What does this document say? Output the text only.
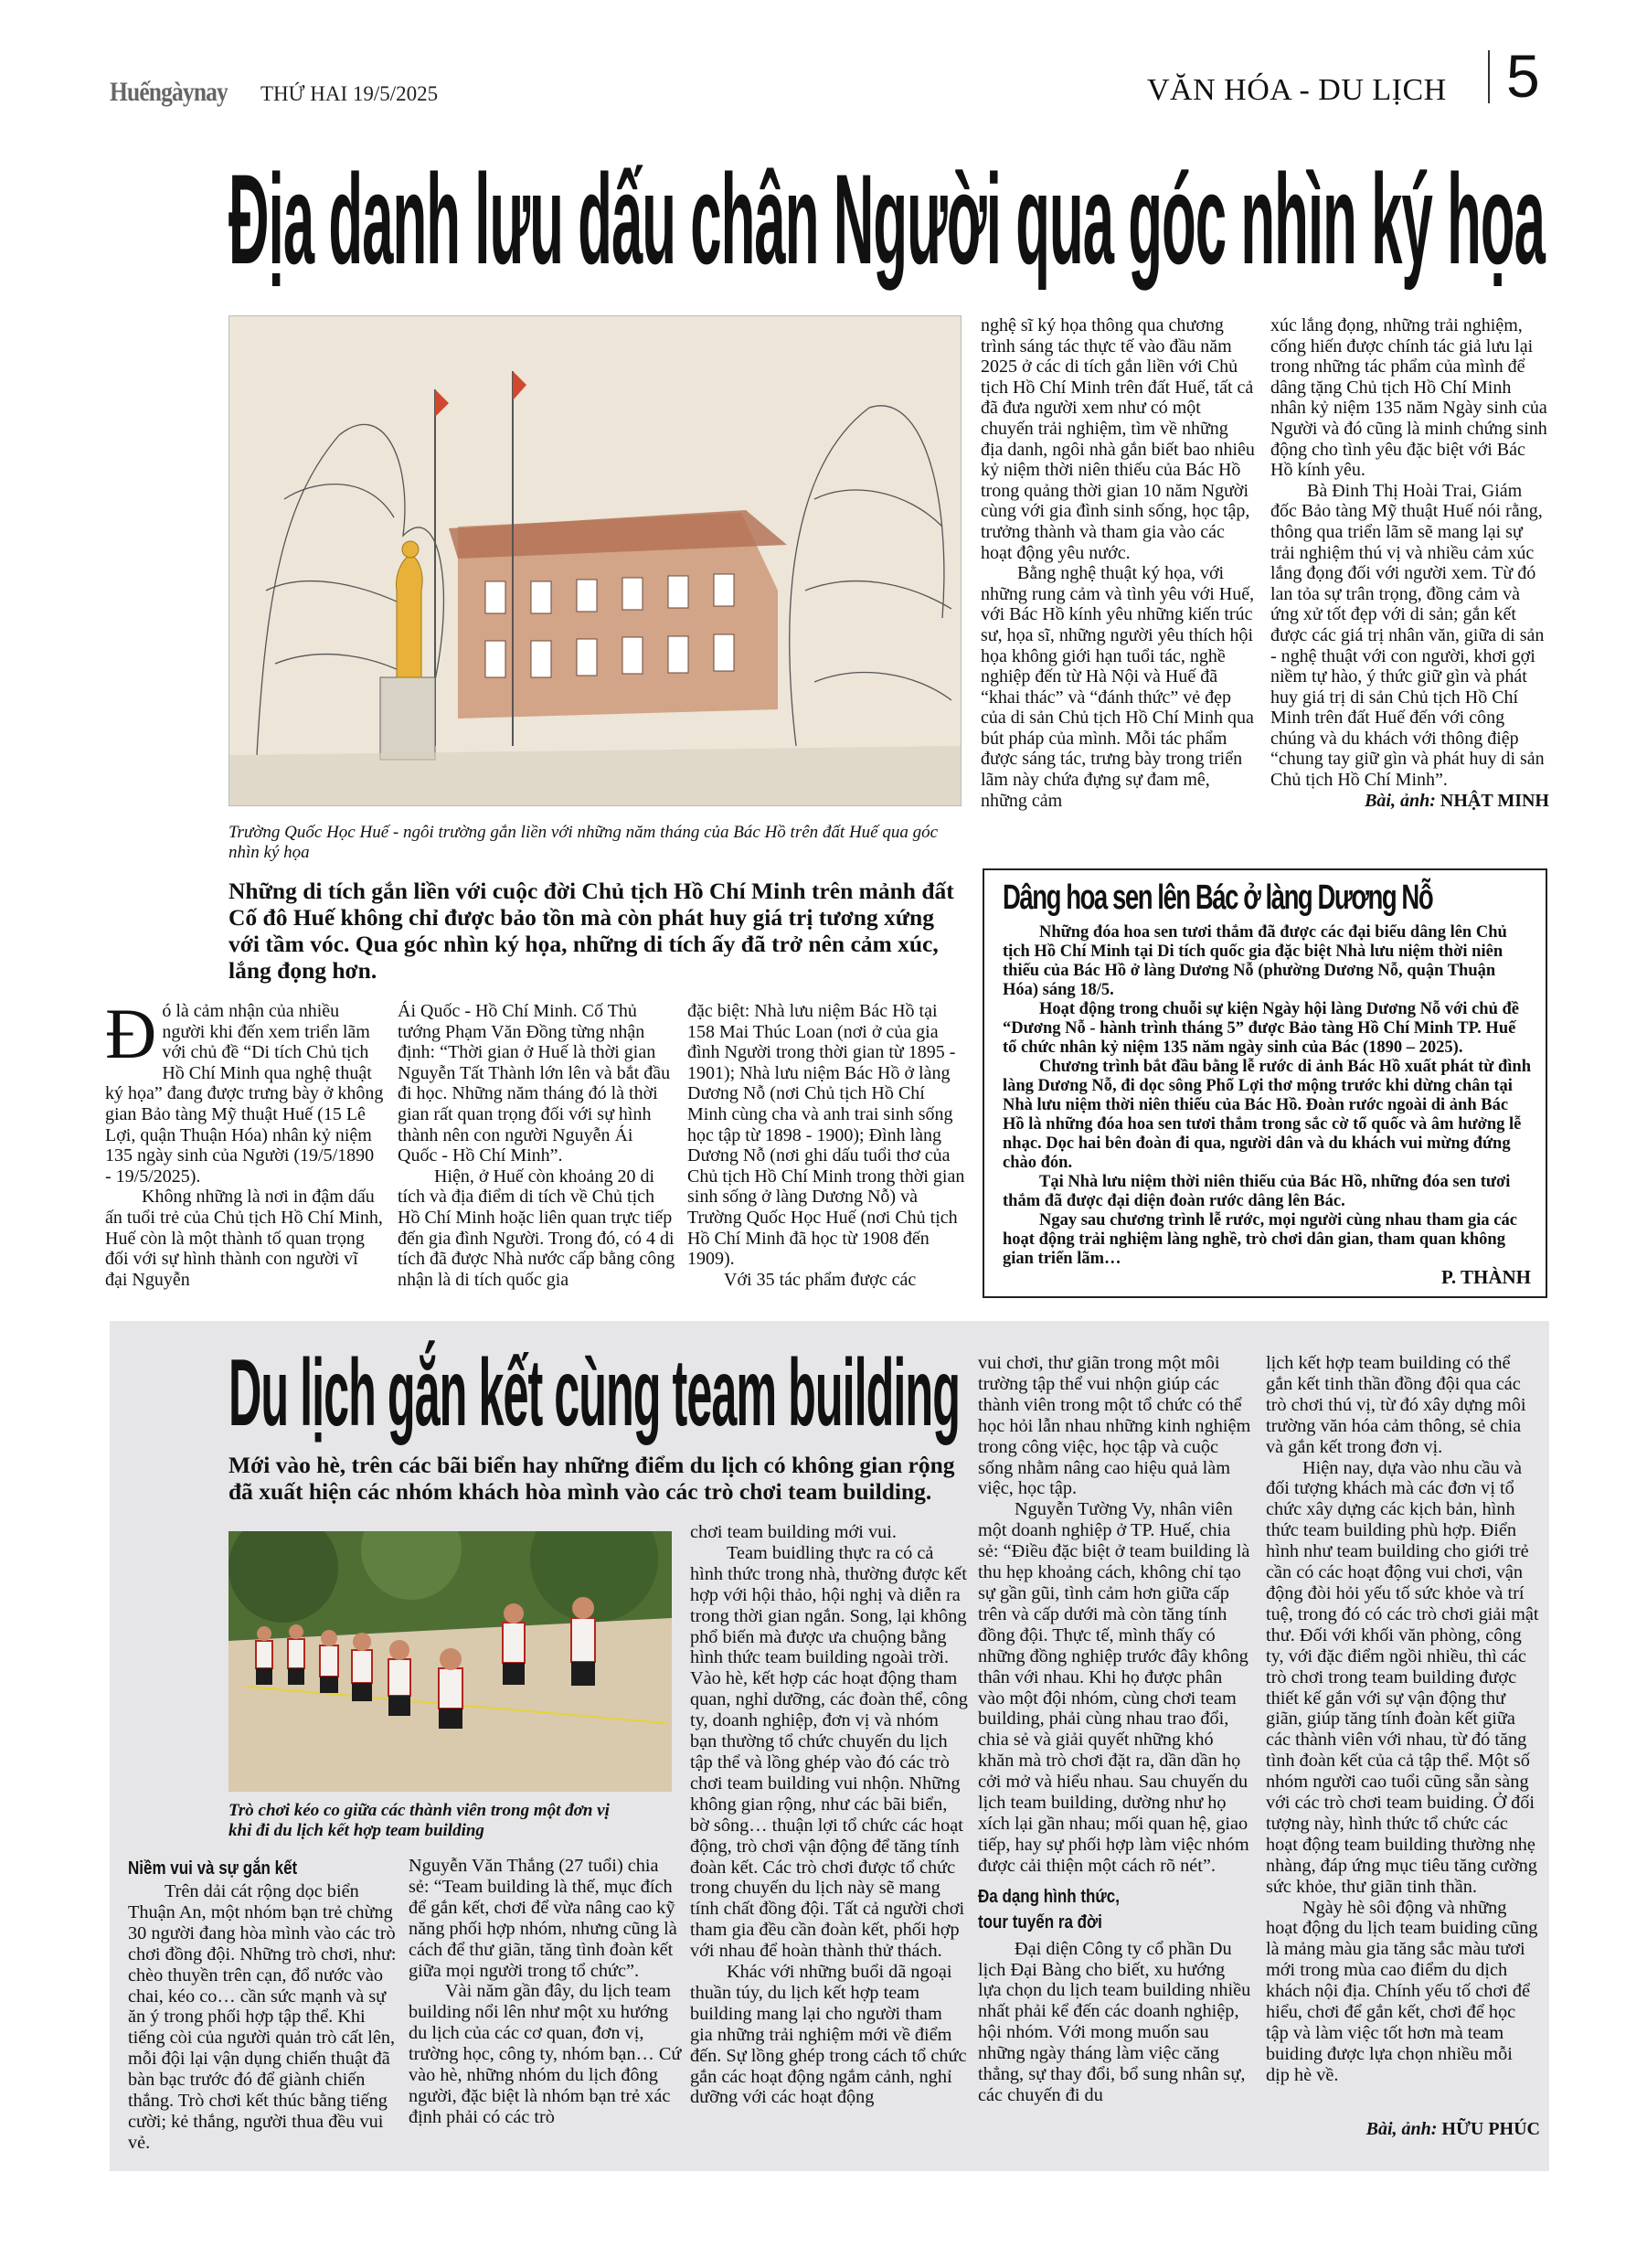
Huếngàynay THỨ HAI 19/5/2025	VĂN HÓA - DU LỊCH 5
Địa danh lưu dấu chân Người qua góc nhìn ký họa
Trường Quốc Học Huế - ngôi trường gắn liền với những năm tháng của Bác Hồ trên đất Huế qua góc nhìn ký họa
Những di tích gắn liền với cuộc đời Chủ tịch Hồ Chí Minh trên mảnh đất Cố đô Huế không chỉ được bảo tồn mà còn phát huy giá trị tương xứng với tầm vóc. Qua góc nhìn ký họa, những di tích ấy đã trở nên cảm xúc, lắng đọng hơn.
Đ ó là cảm nhận của nhiều người khi đến xem triển lãm với chủ đề “Di tích Chủ tịch Hồ Chí Minh qua nghệ thuật ký họa” đang được trưng bày ở không gian Bảo tàng Mỹ thuật Huế (15 Lê Lợi, quận Thuận Hóa) nhân kỷ niệm 135 ngày sinh của Người (19/5/1890 - 19/5/2025).

Không những là nơi in đậm dấu ấn tuổi trẻ của Chủ tịch Hồ Chí Minh, Huế còn là một thành tố quan trọng đối với sự hình thành con người vĩ đại Nguyễn

Ái Quốc - Hồ Chí Minh. Cố Thủ tướng Phạm Văn Đồng từng nhận định: “Thời gian ở Huế là thời gian Nguyễn Tất Thành lớn lên và bắt đầu đi học. Những năm tháng đó là thời gian rất quan trọng đối với sự hình thành nên con người Nguyễn Ái Quốc - Hồ Chí Minh”.

Hiện, ở Huế còn khoảng 20 di tích và địa điểm di tích về Chủ tịch Hồ Chí Minh hoặc liên quan trực tiếp đến gia đình Người. Trong đó, có 4 di tích đã được Nhà nước cấp bằng công nhận là di tích quốc gia

đặc biệt: Nhà lưu niệm Bác Hồ tại 158 Mai Thúc Loan (nơi ở của gia đình Người trong thời gian từ 1895 - 1901); Nhà lưu niệm Bác Hồ ở làng Dương Nỗ (nơi Chủ tịch Hồ Chí Minh cùng cha và anh trai sinh sống học tập từ 1898 - 1900); Đình làng Dương Nỗ (nơi ghi dấu tuổi thơ của Chủ tịch Hồ Chí Minh trong thời gian sinh sống ở làng Dương Nỗ) và Trường Quốc Học Huế (nơi Chủ tịch Hồ Chí Minh đã học từ 1908 đến 1909).

Với 35 tác phẩm được các

nghệ sĩ ký họa thông qua chương trình sáng tác thực tế vào đầu năm 2025 ở các di tích gắn liền với Chủ tịch Hồ Chí Minh trên đất Huế, tất cả đã đưa người xem như có một chuyến trải nghiệm, tìm về những địa danh, ngôi nhà gắn biết bao nhiêu kỷ niệm thời niên thiếu của Bác Hồ trong quảng thời gian 10 năm Người cùng với gia đình sinh sống, học tập, trưởng thành và tham gia vào các hoạt động yêu nước.

Bằng nghệ thuật ký họa, với những rung cảm và tình yêu với Huế, với Bác Hồ kính yêu những kiến trúc sư, họa sĩ, những người yêu thích hội họa không giới hạn tuổi tác, nghề nghiệp đến từ Hà Nội và Huế đã “khai thác” và “đánh thức” vẻ đẹp của di sản Chủ tịch Hồ Chí Minh qua bút pháp của mình. Mỗi tác phẩm được sáng tác, trưng bày trong triển lãm này chứa đựng sự đam mê, những cảm

xúc lắng đọng, những trải nghiệm, cống hiến được chính tác giả lưu lại trong những tác phẩm của mình để dâng tặng Chủ tịch Hồ Chí Minh nhân kỷ niệm 135 năm Ngày sinh của Người và đó cũng là minh chứng sinh động cho tình yêu đặc biệt với Bác Hồ kính yêu.

Bà Đinh Thị Hoài Trai, Giám đốc Bảo tàng Mỹ thuật Huế nói rằng, thông qua triển lãm sẽ mang lại sự trải nghiệm thú vị và nhiều cảm xúc lắng đọng đối với người xem. Từ đó lan tỏa sự trân trọng, đồng cảm và ứng xử tốt đẹp với di sản; gắn kết được các giá trị nhân văn, giữa di sản - nghệ thuật với con người, khơi gợi niềm tự hào, ý thức giữ gìn và phát huy giá trị di sản Chủ tịch Hồ Chí Minh trên đất Huế đến với công chúng và du khách với thông điệp “chung tay giữ gìn và phát huy di sản Chủ tịch Hồ Chí Minh”.

Bài, ảnh: NHẬT MINH
Dâng hoa sen lên Bác ở làng Dương Nỗ

Những đóa hoa sen tươi thắm đã được các đại biểu dâng lên Chủ tịch Hồ Chí Minh tại Di tích quốc gia đặc biệt Nhà lưu niệm thời niên thiếu của Bác Hồ ở làng Dương Nỗ (phường Dương Nỗ, quận Thuận Hóa) sáng 18/5.

Hoạt động trong chuỗi sự kiện Ngày hội làng Dương Nỗ với chủ đề “Dương Nỗ - hành trình tháng 5” được Bảo tàng Hồ Chí Minh TP. Huế tổ chức nhân kỷ niệm 135 năm ngày sinh của Bác (1890 – 2025).

Chương trình bắt đầu bằng lễ rước di ảnh Bác Hồ xuất phát từ đình làng Dương Nỗ, đi dọc sông Phổ Lợi thơ mộng trước khi dừng chân tại Nhà lưu niệm thời niên thiếu của Bác Hồ. Đoàn rước ngoài di ảnh Bác Hồ là những đóa hoa sen tươi thắm trong sắc cờ tổ quốc và âm hưởng lễ nhạc. Dọc hai bên đoàn đi qua, người dân và du khách vui mừng đứng chào đón.

Tại Nhà lưu niệm thời niên thiếu của Bác Hồ, những đóa sen tươi thắm đã được đại diện đoàn rước dâng lên Bác.

Ngay sau chương trình lễ rước, mọi người cùng nhau tham gia các hoạt động trải nghiệm làng nghề, trò chơi dân gian, tham quan không gian triển lãm…

P. THÀNH
Du lịch gắn kết cùng team building
Mới vào hè, trên các bãi biển hay những điểm du lịch có không gian rộng đã xuất hiện các nhóm khách hòa mình vào các trò chơi team building.
Trò chơi kéo co giữa các thành viên trong một đơn vị khi đi du lịch kết hợp team building
Niềm vui và sự gắn kết

Trên dải cát rộng dọc biển Thuận An, một nhóm bạn trẻ chừng 30 người đang hòa mình vào các trò chơi đồng đội. Những trò chơi, như: chèo thuyền trên cạn, đổ nước vào chai, kéo co… cần sức mạnh và sự ăn ý trong phối hợp tập thể. Khi tiếng còi của người quản trò cất lên, mỗi đội lại vận dụng chiến thuật đã bàn bạc trước đó để giành chiến thắng. Trò chơi kết thúc bằng tiếng cười; kẻ thắng, người thua đều vui vẻ.

Nguyễn Văn Thắng (27 tuổi) chia sẻ: “Team building là thế, mục đích để gắn kết, chơi để vừa nâng cao kỹ năng phối hợp nhóm, nhưng cũng là cách để thư giãn, tăng tình đoàn kết giữa mọi người trong tổ chức”.

Vài năm gần đây, du lịch team building nổi lên như một xu hướng du lịch của các cơ quan, đơn vị, trường học, công ty, nhóm bạn… Cứ vào hè, những nhóm du lịch đông người, đặc biệt là nhóm bạn trẻ xác định phải có các trò

chơi team building mới vui.

Team buidling thực ra có cả hình thức trong nhà, thường được kết hợp với hội thảo, hội nghị và diễn ra trong thời gian ngắn. Song, lại không phổ biến mà được ưa chuộng bằng hình thức team building ngoài trời. Vào hè, kết hợp các hoạt động tham quan, nghỉ dưỡng, các đoàn thể, công ty, doanh nghiệp, đơn vị và nhóm bạn thường tổ chức chuyến du lịch tập thể và lồng ghép vào đó các trò chơi team building vui nhộn. Những không gian rộng, như các bãi biển, bờ sông… thuận lợi tổ chức các hoạt động, trò chơi vận động để tăng tính đoàn kết. Các trò chơi được tổ chức trong chuyến du lịch này sẽ mang tính chất đồng đội. Tất cả người chơi tham gia đều cần đoàn kết, phối hợp với nhau để hoàn thành thử thách.

Khác với những buổi dã ngoại thuần túy, du lịch kết hợp team building mang lại cho người tham gia những trải nghiệm mới về điểm đến. Sự lồng ghép trong cách tổ chức gắn các hoạt động ngắm cảnh, nghỉ dưỡng với các hoạt động

vui chơi, thư giãn trong một môi trường tập thể vui nhộn giúp các thành viên trong một tổ chức có thể học hỏi lẫn nhau những kinh nghiệm trong công việc, học tập và cuộc sống nhằm nâng cao hiệu quả làm việc, học tập.

Nguyễn Tường Vy, nhân viên một doanh nghiệp ở TP. Huế, chia sẻ: “Điều đặc biệt ở team building là thu hẹp khoảng cách, không chỉ tạo sự gần gũi, tình cảm hơn giữa cấp trên và cấp dưới mà còn tăng tính đồng đội. Thực tế, mình thấy có những đồng nghiệp trước đây không thân với nhau. Khi họ được phân vào một đội nhóm, cùng chơi team building, phải cùng nhau trao đổi, chia sẻ và giải quyết những khó khăn mà trò chơi đặt ra, dần dần họ cởi mở và hiểu nhau. Sau chuyến du lịch team building, dường như họ xích lại gần nhau; mối quan hệ, giao tiếp, hay sự phối hợp làm việc nhóm được cải thiện một cách rõ nét”.

Đa dạng hình thức,
tour tuyến ra đời

Đại diện Công ty cổ phần Du lịch Đại Bàng cho biết, xu hướng lựa chọn du lịch team building nhiều nhất phải kể đến các doanh nghiệp, hội nhóm. Với mong muốn sau những ngày tháng làm việc căng thẳng, sự thay đổi, bổ sung nhân sự, các chuyến đi du

lịch kết hợp team building có thể gắn kết tinh thần đồng đội qua các trò chơi thú vị, từ đó xây dựng môi trường văn hóa cảm thông, sẻ chia và gắn kết trong đơn vị.

Hiện nay, dựa vào nhu cầu và đối tượng khách mà các đơn vị tổ chức xây dựng các kịch bản, hình thức team building phù hợp. Điển hình như team building cho giới trẻ cần có các hoạt động vui chơi, vận động đòi hỏi yếu tố sức khỏe và trí tuệ, trong đó có các trò chơi giải mật thư. Đối với khối văn phòng, công ty, với đặc điểm ngồi nhiều, thì các trò chơi trong team building được thiết kế gắn với sự vận động thư giãn, giúp tăng tính đoàn kết giữa các thành viên với nhau, từ đó tăng tình đoàn kết của cả tập thể. Một số nhóm người cao tuổi cũng sẵn sàng với các trò chơi team buiding. Ở đối tượng này, hình thức tổ chức các hoạt động team building thường nhẹ nhàng, đáp ứng mục tiêu tăng cường sức khỏe, thư giãn tinh thần.

Ngày hè sôi động và những hoạt động du lịch team buiding cũng là mảng màu gia tăng sắc màu tươi mới trong mùa cao điểm du dịch khách nội địa. Chính yếu tố chơi để hiểu, chơi để gắn kết, chơi để học tập và làm việc tốt hơn mà team buiding được lựa chọn nhiều mỗi dịp hè về.

Bài, ảnh: HỮU PHÚC
